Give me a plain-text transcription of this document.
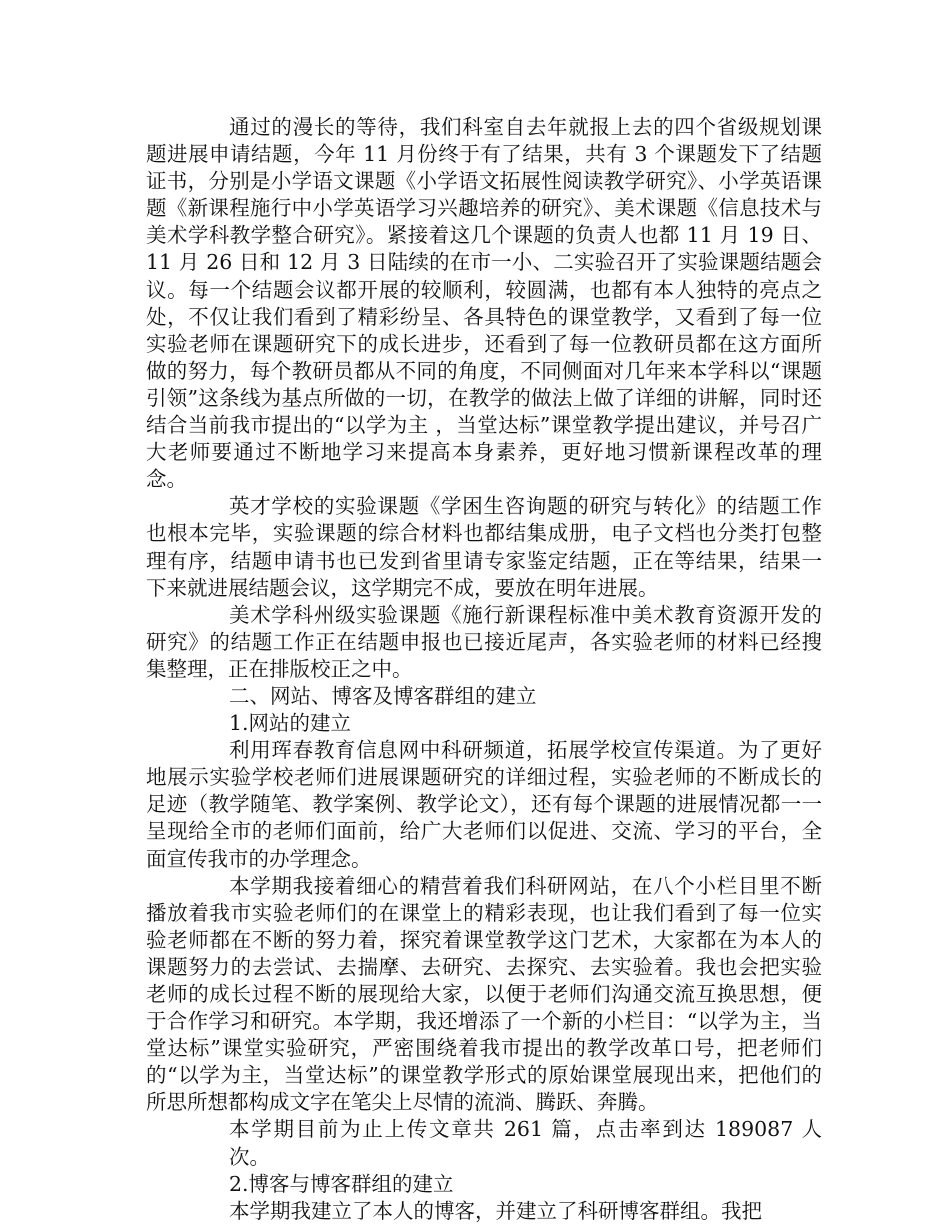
通过的漫长的等待，我们科室自去年就报上去的四个省级规划课题进展申请结题，今年 11 月份终于有了结果，共有 3 个课题发下了结题证书，分别是小学语文课题《小学语文拓展性阅读教学研究》、小学英语课题《新课程施行中小学英语学习兴趣培养的研究》、美术课题《信息技术与美术学科教学整合研究》。紧接着这几个课题的负责人也都 11 月 19 日、11 月 26 日和 12 月 3 日陆续的在市一小、二实验召开了实验课题结题会议。每一个结题会议都开展的较顺利，较圆满，也都有本人独特的亮点之处，不仅让我们看到了精彩纷呈、各具特色的课堂教学，又看到了每一位实验老师在课题研究下的成长进步，还看到了每一位教研员都在这方面所做的努力，每个教研员都从不同的角度，不同侧面对几年来本学科以“课题引领”这条线为基点所做的一切，在教学的做法上做了详细的讲解，同时还结合当前我市提出的“以学为主 ，当堂达标”课堂教学提出建议，并号召广大老师要通过不断地学习来提高本身素养，更好地习惯新课程改革的理念。

英才学校的实验课题《学困生咨询题的研究与转化》的结题工作也根本完毕，实验课题的综合材料也都结集成册，电子文档也分类打包整理有序，结题申请书也已发到省里请专家鉴定结题，正在等结果，结果一下来就进展结题会议，这学期完不成，要放在明年进展。

美术学科州级实验课题《施行新课程标准中美术教育资源开发的研究》的结题工作正在结题申报也已接近尾声，各实验老师的材料已经搜集整理，正在排版校正之中。

二、网站、博客及博客群组的建立

1.网站的建立

利用珲春教育信息网中科研频道，拓展学校宣传渠道。为了更好地展示实验学校老师们进展课题研究的详细过程，实验老师的不断成长的足迹（教学随笔、教学案例、教学论文），还有每个课题的进展情况都一一呈现给全市的老师们面前，给广大老师们以促进、交流、学习的平台，全面宣传我市的办学理念。

本学期我接着细心的精营着我们科研网站，在八个小栏目里不断播放着我市实验老师们的在课堂上的精彩表现，也让我们看到了每一位实验老师都在不断的努力着，探究着课堂教学这门艺术，大家都在为本人的课题努力的去尝试、去揣摩、去研究、去探究、去实验着。我也会把实验老师的成长过程不断的展现给大家，以便于老师们沟通交流互换思想，便于合作学习和研究。本学期，我还增添了一个新的小栏目：“以学为主，当堂达标”课堂实验研究，严密围绕着我市提出的教学改革口号，把老师们的“以学为主，当堂达标”的课堂教学形式的原始课堂展现出来，把他们的所思所想都构成文字在笔尖上尽情的流淌、腾跃、奔腾。

本学期目前为止上传文章共 261 篇，点击率到达 189087 人次。

2.博客与博客群组的建立

本学期我建立了本人的博客，并建立了科研博客群组。我把
